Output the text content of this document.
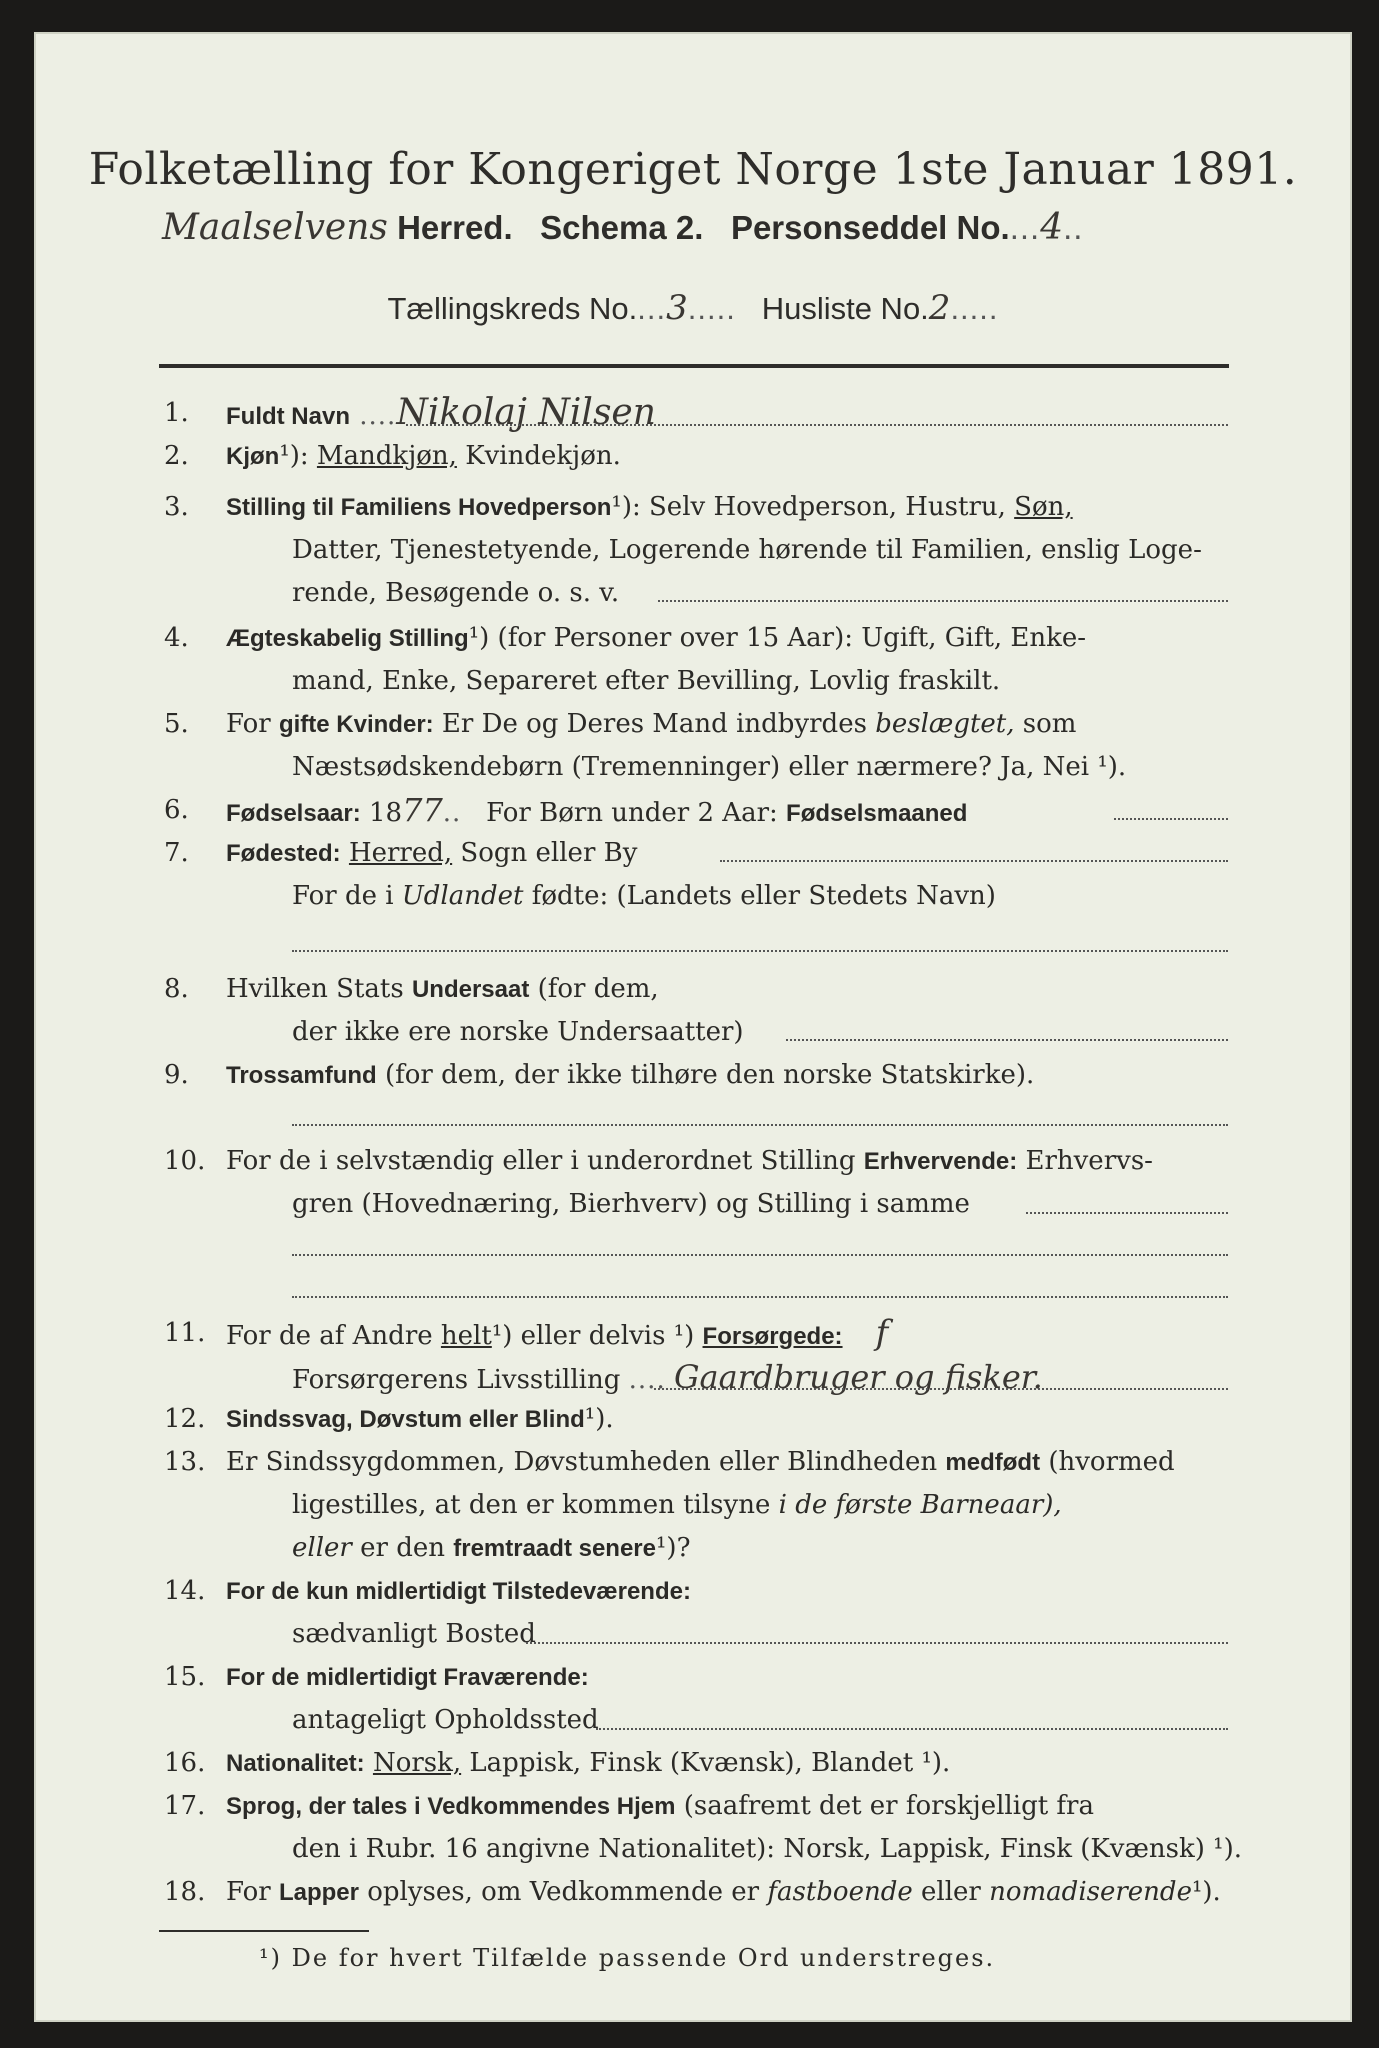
Folketælling for Kongeriget Norge 1ste Januar 1891.
Maalselvens Herred. Schema 2. Personseddel No....4..
Tællingskreds No....3..... Husliste No.2.....
1.	Fuldt Navn ....Nikolaj Nilsen
2.	Kjøn¹): Mandkjøn, Kvindekjøn.
3.	Stilling til Familiens Hovedperson¹): Selv Hovedperson, Hustru, Søn,
Datter, Tjenestetyende, Logerende hørende til Familien, enslig Loge-
rende, Besøgende o. s. v.
4.	Ægteskabelig Stilling¹) (for Personer over 15 Aar): Ugift, Gift, Enke-
mand, Enke, Separeret efter Bevilling, Lovlig fraskilt.
5.	For gifte Kvinder: Er De og Deres Mand indbyrdes beslægtet, som
Næstsødskendebørn (Tremenninger) eller nærmere? Ja, Nei ¹).
6.	Fødselsaar: 1877.. For Børn under 2 Aar: Fødselsmaaned
7.	Fødested: Herred, Sogn eller By
For de i Udlandet fødte: (Landets eller Stedets Navn)
8.	Hvilken Stats Undersaat (for dem,
der ikke ere norske Undersaatter)
9.	Trossamfund (for dem, der ikke tilhøre den norske Statskirke).
10. For de i selvstændig eller i underordnet Stilling Erhvervende: Erhvervs-
gren (Hovednæring, Bierhverv) og Stilling i samme
11. For de af Andre helt¹) eller delvis ¹) Forsørgede: f
Forsørgerens Livsstilling .... Gaardbruger og fisker.
12. Sindssvag, Døvstum eller Blind¹).
13. Er Sindssygdommen, Døvstumheden eller Blindheden medfødt (hvormed
ligestilles, at den er kommen tilsyne i de første Barneaar),
eller er den fremtraadt senere¹)?
14. For de kun midlertidigt Tilstedeværende:
sædvanligt Bosted
15. For de midlertidigt Fraværende:
antageligt Opholdssted
16. Nationalitet: Norsk, Lappisk, Finsk (Kvænsk), Blandet ¹).
17. Sprog, der tales i Vedkommendes Hjem (saafremt det er forskjelligt fra
den i Rubr. 16 angivne Nationalitet): Norsk, Lappisk, Finsk (Kvænsk) ¹).
18. For Lapper oplyses, om Vedkommende er fastboende eller nomadiserende¹).
¹) De for hvert Tilfælde passende Ord understreges.
